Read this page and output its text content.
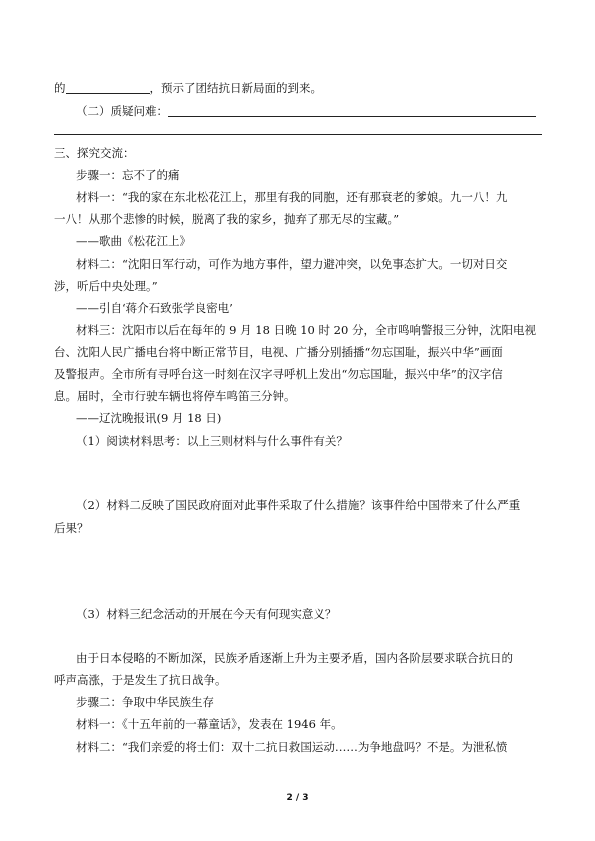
的	，预示了团结抗日新局面的到来。
（二）质疑问难：
三、探究交流：
步骤一：忘不了的痛
材料一：“我的家在东北松花江上，那里有我的同胞，还有那衰老的爹娘。九一八！九
一八！从那个悲惨的时候，脱离了我的家乡，抛弃了那无尽的宝藏。”
——歌曲《松花江上》
材料二：“沈阳日军行动，可作为地方事件，望力避冲突，以免事态扩大。一切对日交
涉，听后中央处理。”
——引自‘蒋介石致张学良密电’
材料三：沈阳市以后在每年的 9 月 18 日晚 10 时 20 分，全市鸣响警报三分钟，沈阳电视
台、沈阳人民广播电台将中断正常节目，电视、广播分别插播“勿忘国耻，振兴中华”画面
及警报声。全市所有寻呼台这一时刻在汉字寻呼机上发出“勿忘国耻，振兴中华”的汉字信
息。届时，全市行驶车辆也将停车鸣笛三分钟。
——辽沈晚报讯(9 月 18 日)
（1）阅读材料思考：以上三则材料与什么事件有关？
（2）材料二反映了国民政府面对此事件采取了什么措施？该事件给中国带来了什么严重
后果？
（3）材料三纪念活动的开展在今天有何现实意义？
由于日本侵略的不断加深，民族矛盾逐渐上升为主要矛盾，国内各阶层要求联合抗日的
呼声高涨，于是发生了抗日战争。
步骤二：争取中华民族生存
材料一：《十五年前的一幕童话》，发表在 1946 年。
材料二：“我们亲爱的将士们：双十二抗日救国运动……为争地盘吗？不是。为泄私愤
2 / 3
